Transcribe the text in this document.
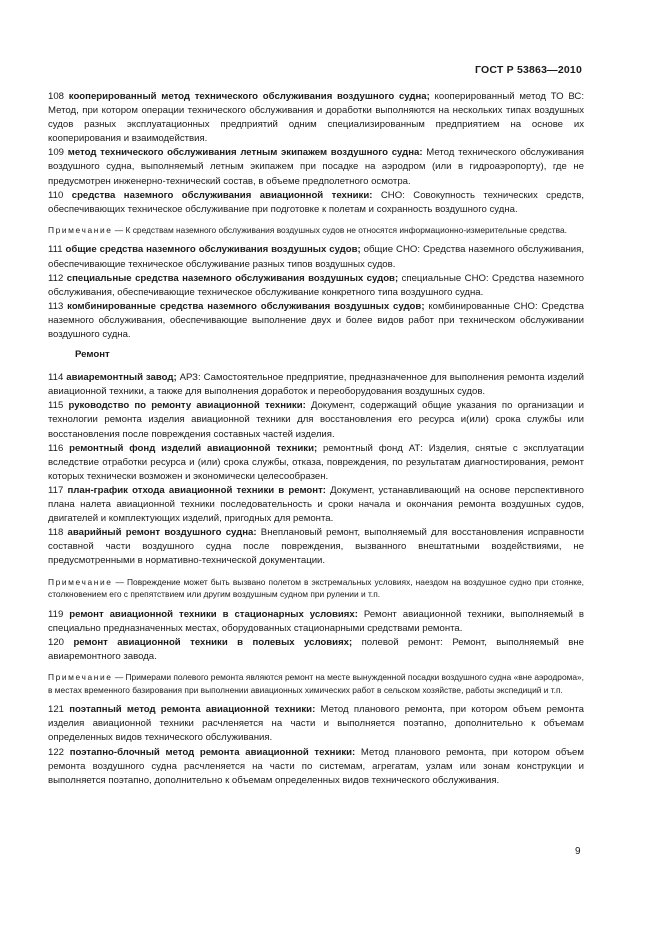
ГОСТ Р 53863—2010

108 кооперированный метод технического обслуживания воздушного судна; кооперированный метод ТО ВС: Метод, при котором операции технического обслуживания и доработки выполняются на нескольких типах воздушных судов разных эксплуатационных предприятий одним специализированным предприятием на основе их кооперирования и взаимодействия.

109 метод технического обслуживания летным экипажем воздушного судна: Метод технического обслуживания воздушного судна, выполняемый летным экипажем при посадке на аэродром (или в гидроаэропорту), где не предусмотрен инженерно-технический состав, в объеме предполетного осмотра.

110 средства наземного обслуживания авиационной техники: СНО: Совокупность технических средств, обеспечивающих техническое обслуживание при подготовке к полетам и сохранность воздушного судна.

Примечание — К средствам наземного обслуживания воздушных судов не относятся информационно-измерительные средства.

111 общие средства наземного обслуживания воздушных судов; общие СНО: Средства наземного обслуживания, обеспечивающие техническое обслуживание разных типов воздушных судов.

112 специальные средства наземного обслуживания воздушных судов; специальные СНО: Средства наземного обслуживания, обеспечивающие техническое обслуживание конкретного типа воздушного судна.

113 комбинированные средства наземного обслуживания воздушных судов; комбинированные СНО: Средства наземного обслуживания, обеспечивающие выполнение двух и более видов работ при техническом обслуживании воздушного судна.

Ремонт

114 авиаремонтный завод; АРЗ: Самостоятельное предприятие, предназначенное для выполнения ремонта изделий авиационной техники, а также для выполнения доработок и переоборудования воздушных судов.

115 руководство по ремонту авиационной техники: Документ, содержащий общие указания по организации и технологии ремонта изделия авиационной техники для восстановления его ресурса и(или) срока службы или восстановления после повреждения составных частей изделия.

116 ремонтный фонд изделий авиационной техники; ремонтный фонд АТ: Изделия, снятые с эксплуатации вследствие отработки ресурса и (или) срока службы, отказа, повреждения, по результатам диагностирования, ремонт которых технически возможен и экономически целесообразен.

117 план-график отхода авиационной техники в ремонт: Документ, устанавливающий на основе перспективного плана налета авиационной техники последовательность и сроки начала и окончания ремонта воздушных судов, двигателей и комплектующих изделий, пригодных для ремонта.

118 аварийный ремонт воздушного судна: Внеплановый ремонт, выполняемый для восстановления исправности составной части воздушного судна после повреждения, вызванного внештатными воздействиями, не предусмотренными в нормативно-технической документации.

Примечание — Повреждение может быть вызвано полетом в экстремальных условиях, наездом на воздушное судно при стоянке, столкновением его с препятствием или другим воздушным судном при рулении и т.п.

119 ремонт авиационной техники в стационарных условиях: Ремонт авиационной техники, выполняемый в специально предназначенных местах, оборудованных стационарными средствами ремонта.

120 ремонт авиационной техники в полевых условиях; полевой ремонт: Ремонт, выполняемый вне авиаремонтного завода.

Примечание — Примерами полевого ремонта являются ремонт на месте вынужденной посадки воздушного судна «вне аэродрома», в местах временного базирования при выполнении авиационных химических работ в сельском хозяйстве, работы экспедиций и т.п.

121 поэтапный метод ремонта авиационной техники: Метод планового ремонта, при котором объем ремонта изделия авиационной техники расчленяется на части и выполняется поэтапно, дополнительно к объемам определенных видов технического обслуживания.

122 поэтапно-блочный метод ремонта авиационной техники: Метод планового ремонта, при котором объем ремонта воздушного судна расчленяется на части по системам, агрегатам, узлам или зонам конструкции и выполняется поэтапно, дополнительно к объемам определенных видов технического обслуживания.

9
